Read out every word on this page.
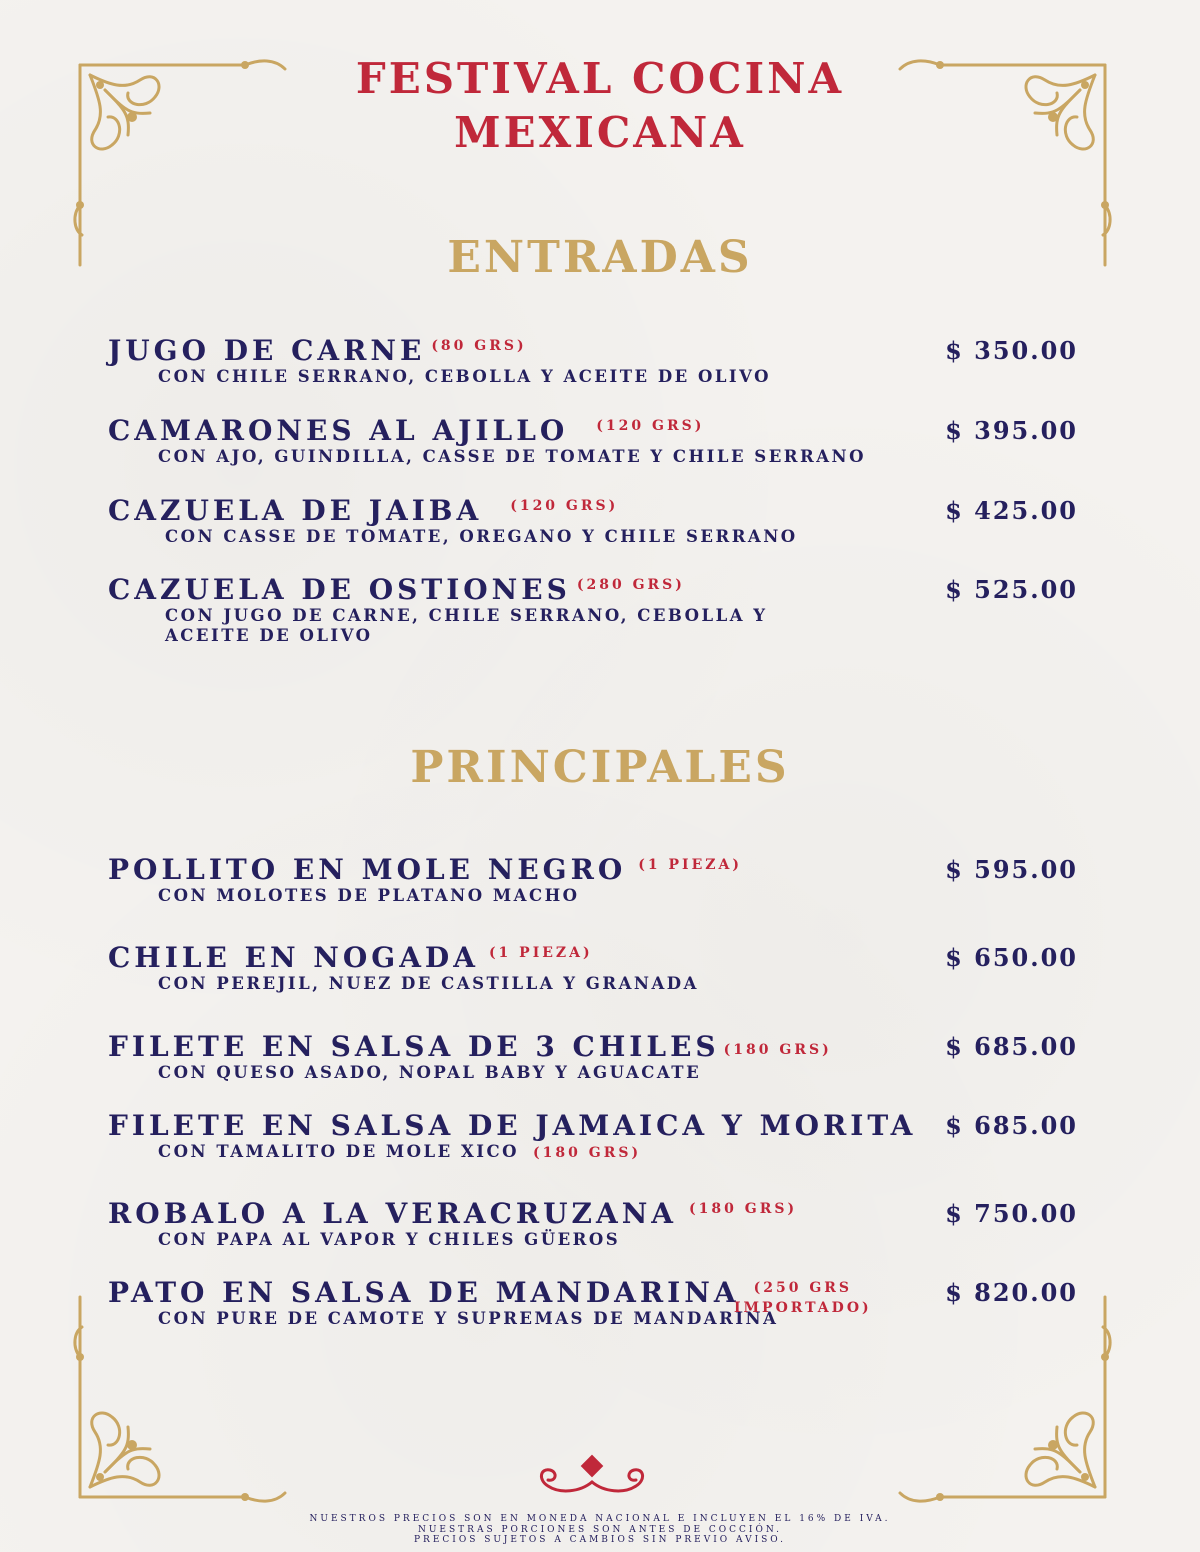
FESTIVAL COCINA
MEXICANA
ENTRADAS
JUGO DE CARNE (80 GRS)
CON CHILE SERRANO, CEBOLLA Y ACEITE DE OLIVO
$ 350.00
CAMARONES AL AJILLO (120 GRS)
CON AJO, GUINDILLA, CASSE DE TOMATE Y CHILE SERRANO
$ 395.00
CAZUELA DE JAIBA (120 GRS)
CON CASSE DE TOMATE, OREGANO Y CHILE SERRANO
$ 425.00
CAZUELA DE OSTIONES (280 GRS)
CON JUGO DE CARNE, CHILE SERRANO, CEBOLLA Y
ACEITE DE OLIVO
$ 525.00
PRINCIPALES
POLLITO EN MOLE NEGRO (1 PIEZA)
CON MOLOTES DE PLATANO MACHO
$ 595.00
CHILE EN NOGADA (1 PIEZA)
CON PEREJIL, NUEZ DE CASTILLA Y GRANADA
$ 650.00
FILETE EN SALSA DE 3 CHILES (180 GRS)
CON QUESO ASADO, NOPAL BABY Y AGUACATE
$ 685.00
FILETE EN SALSA DE JAMAICA Y MORITA
CON TAMALITO DE MOLE XICO (180 GRS)
$ 685.00
ROBALO A LA VERACRUZANA (180 GRS)
CON PAPA AL VAPOR Y CHILES GÜEROS
$ 750.00
PATO EN SALSA DE MANDARINA	(250 GRS
IMPORTADO)
CON PURE DE CAMOTE Y SUPREMAS DE MANDARINA
$ 820.00
NUESTROS PRECIOS SON EN MONEDA NACIONAL E INCLUYEN EL 16% DE IVA.
NUESTRAS PORCIONES SON ANTES DE COCCIÓN.
PRECIOS SUJETOS A CAMBIOS SIN PREVIO AVISO.
